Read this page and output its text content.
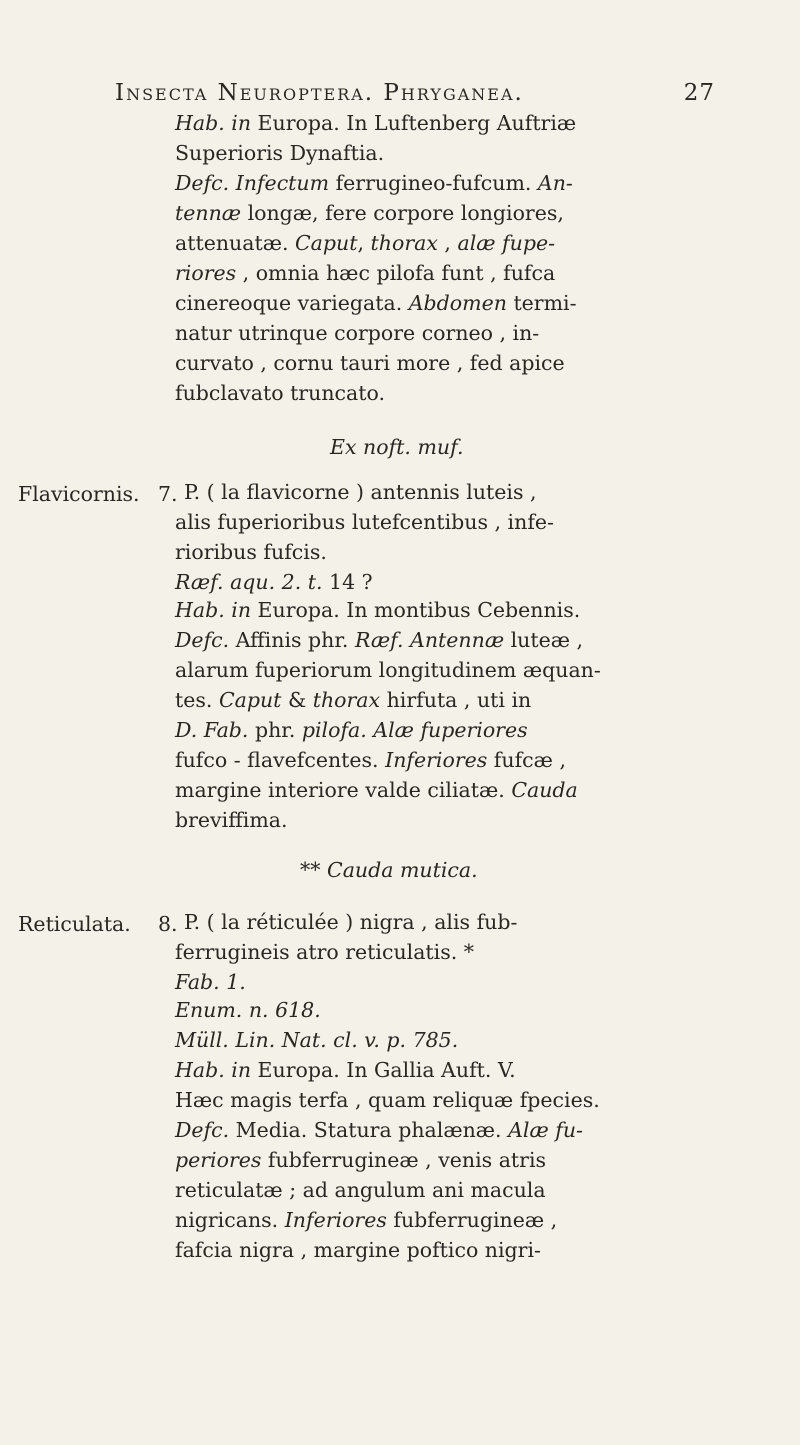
Insecta Neuroptera. Phryganea.	27
Hab. in Europa. In Luftenberg Auftriæ
Superioris Dynaftia.
Defc. Infectum ferrugineo-fufcum. An-
tennæ longæ, fere corpore longiores,
attenuatæ. Caput, thorax , alæ fupe-
riores , omnia hæc pilofa funt , fufca
cinereoque variegata. Abdomen termi-
natur utrinque corpore corneo , in-
curvato , cornu tauri more , fed apice
fubclavato truncato.
Ex noft. muf.
Flavicornis. 7. P. ( la flavicorne ) antennis luteis ,
alis fuperioribus lutefcentibus , infe-
rioribus fufcis.
Ræf. aqu. 2. t. 14 ?
Hab. in Europa. In montibus Cebennis.
Defc. Affinis phr. Ræf. Antennæ luteæ ,
alarum fuperiorum longitudinem æquan-
tes. Caput & thorax hirfuta , uti in
D. Fab. phr. pilofa. Alæ fuperiores
fufco - flavefcentes. Inferiores fufcæ ,
margine interiore valde ciliatæ. Cauda
breviffima.
** Cauda mutica.
Reticulata. 8. P. ( la réticulée ) nigra , alis fub-
ferrugineis atro reticulatis. *
Fab. 1.
Enum. n. 618.
Müll. Lin. Nat. cl. v. p. 785.
Hab. in Europa. In Gallia Auft. V.
Hæc magis terfa , quam reliquæ fpecies.
Defc. Media. Statura phalænæ. Alæ fu-
periores fubferrugineæ , venis atris
reticulatæ ; ad angulum ani macula
nigricans. Inferiores fubferrugineæ ,
fafcia nigra , margine poftico nigri-
